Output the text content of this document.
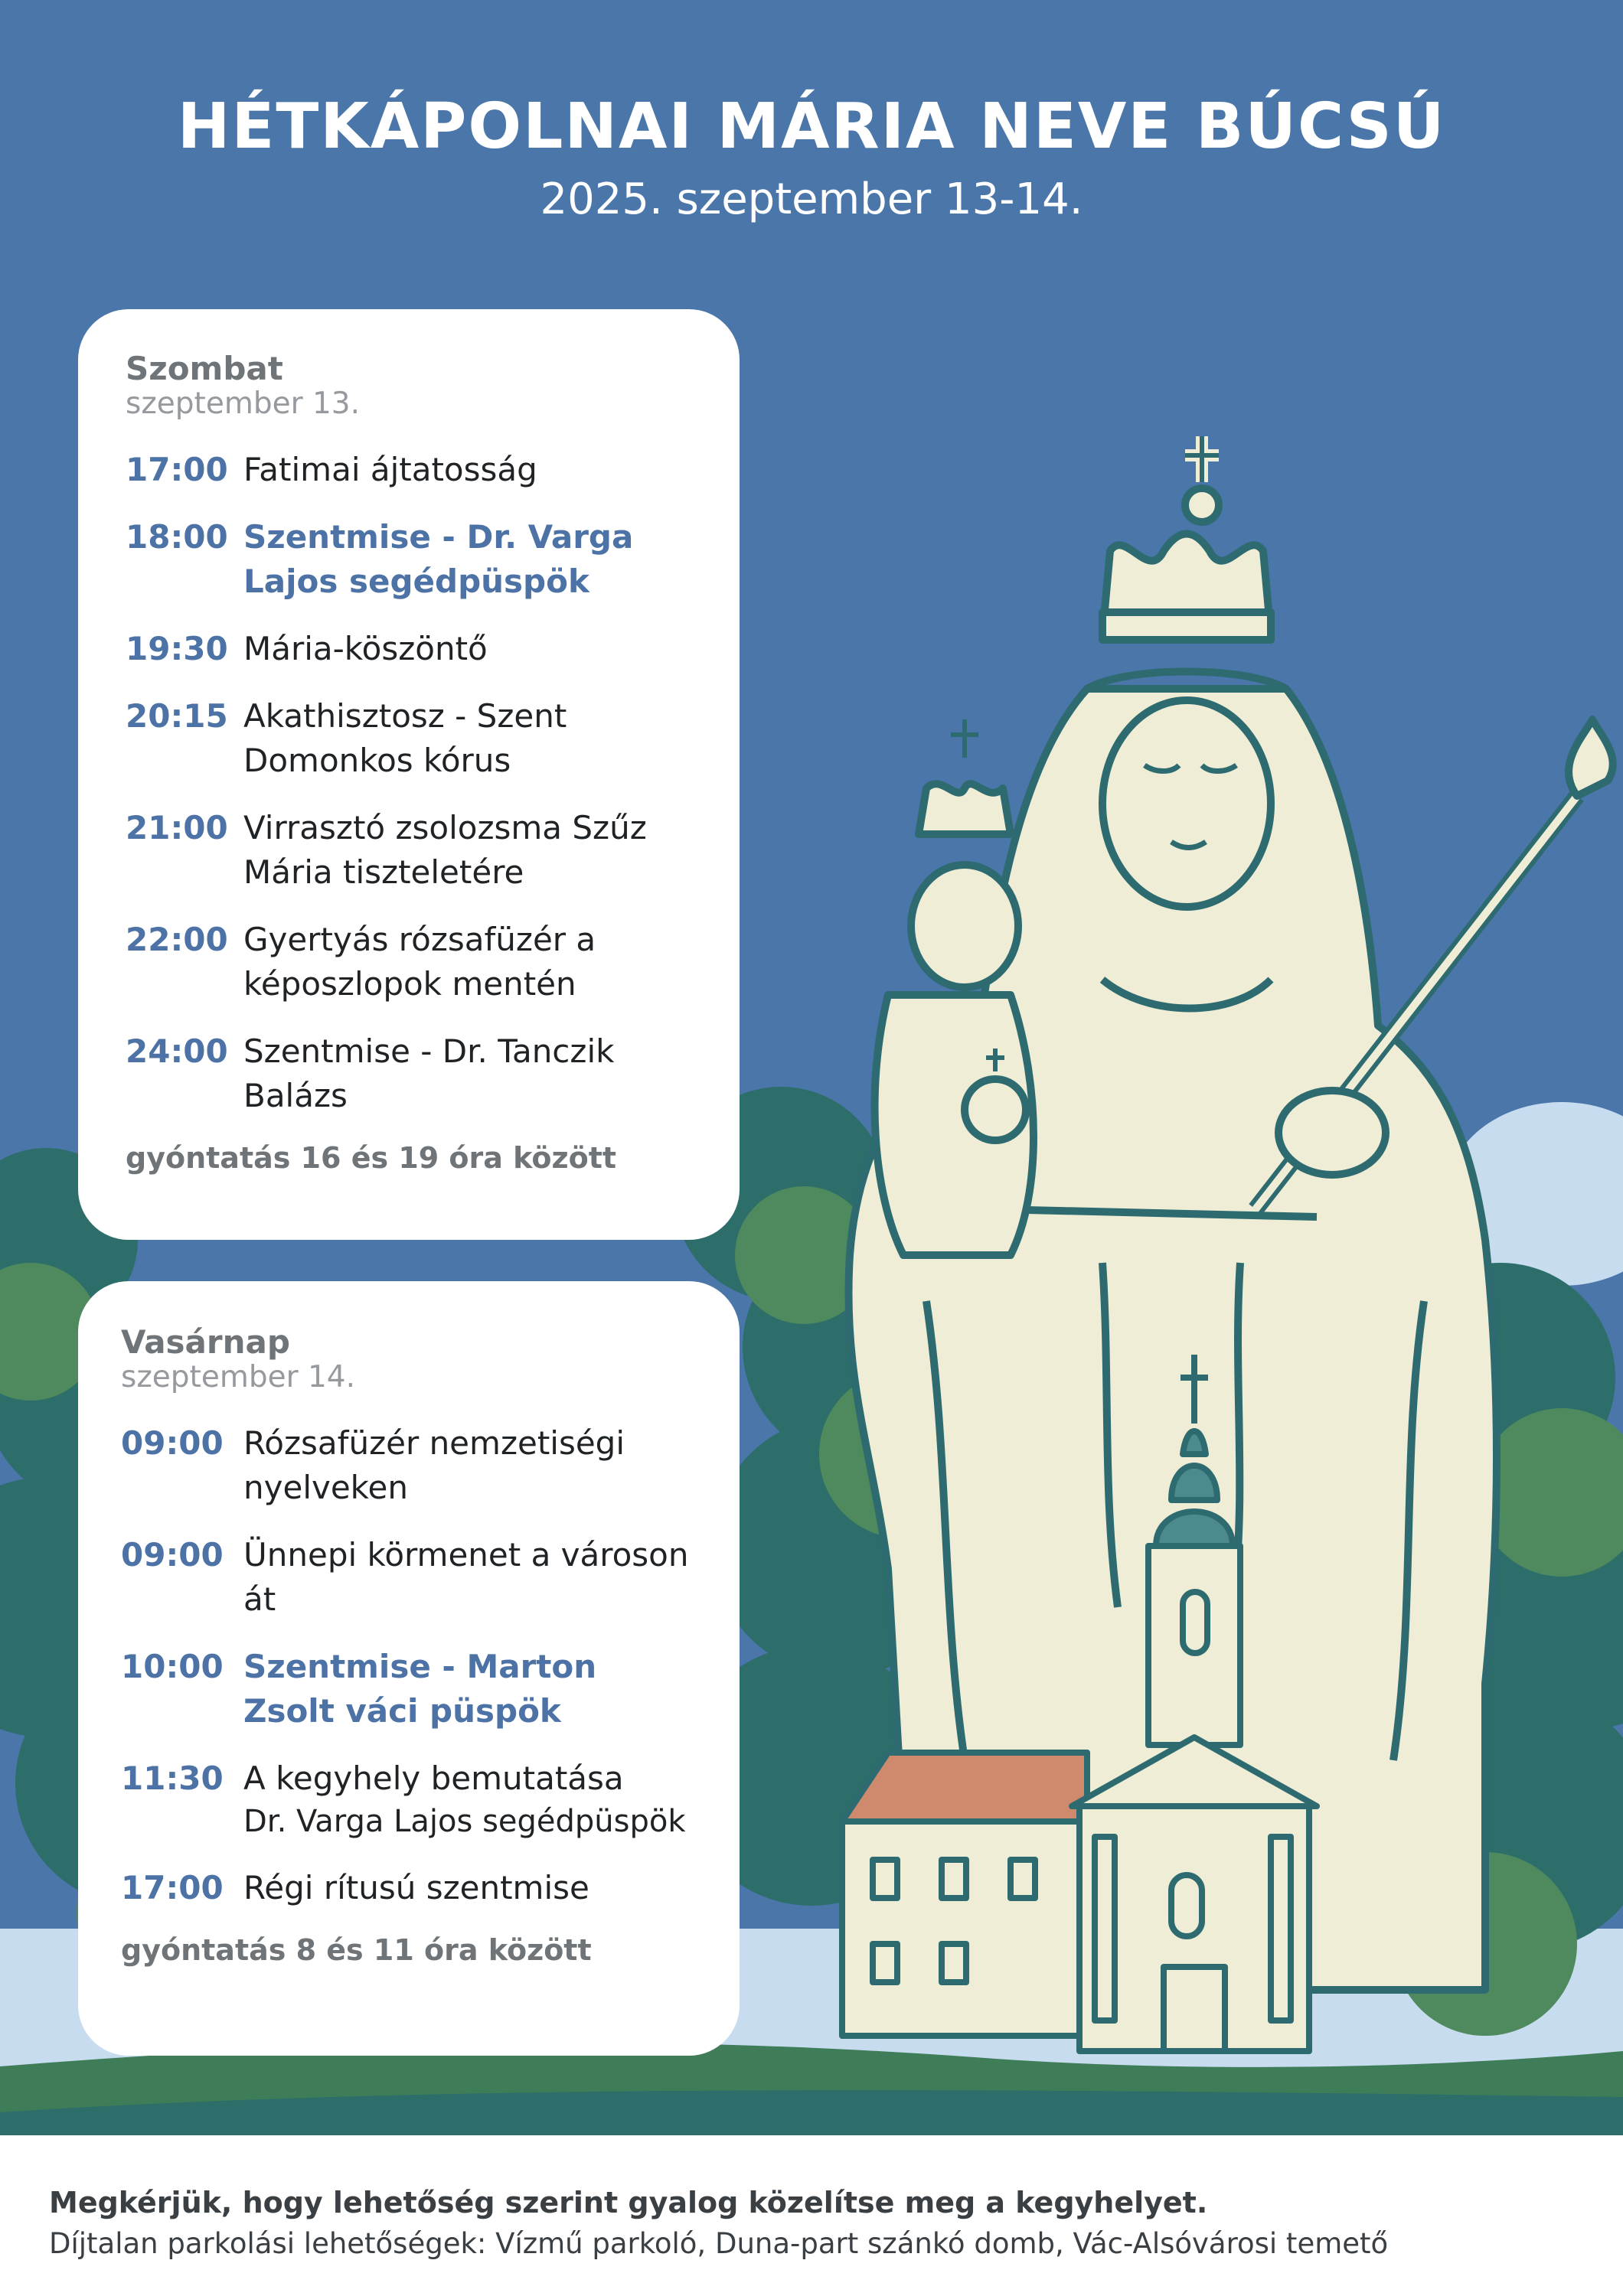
HÉTKÁPOLNAI MÁRIA NEVE BÚCSÚ

2025. szeptember 13-14.

Szombat

szeptember 13.

17:00 Fatimai ájtatosság
18:00 Szentmise - Dr. Varga Lajos segédpüspök
19:30 Mária-köszöntő
20:15 Akathisztosz - Szent Domonkos kórus
21:00 Virrasztó zsolozsma Szűz Mária tiszteletére
22:00 Gyertyás rózsafüzér a képoszlopok mentén
24:00 Szentmise - Dr. Tanczik Balázs

gyóntatás 16 és 19 óra között

Vasárnap

szeptember 14.

09:00 Rózsafüzér nemzetiségi nyelveken
09:00 Ünnepi körmenet a városon át
10:00 Szentmise - Marton Zsolt váci püspök
11:30 A kegyhely bemutatása
Dr. Varga Lajos segédpüspök
17:00 Régi rítusú szentmise

gyóntatás 8 és 11 óra között

Megkérjük, hogy lehetőség szerint gyalog közelítse meg a kegyhelyet.

Díjtalan parkolási lehetőségek: Vízmű parkoló, Duna-part szánkó domb, Vác-Alsóvárosi temető
